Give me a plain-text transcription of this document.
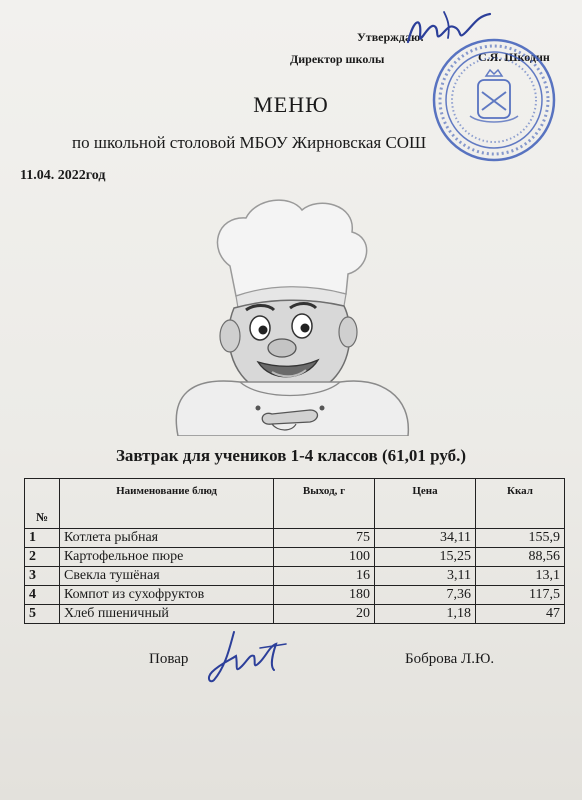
Утверждаю:
Директор школы	С.Я. Шкодин
МЕНЮ
по школьной столовой МБОУ Жирновская СОШ
11.04. 2022год
Завтрак для учеников 1-4 классов (61,01 руб.)
№	Наименование блюд	Выход, г	Цена	Ккал
1	Котлета рыбная	75	34,11	155,9
2	Картофельное пюре	100	15,25	88,56
3	Свекла тушёная	16	3,11	13,1
4	Компот из сухофруктов	180	7,36	117,5
5	Хлеб пшеничный	20	1,18	47
Повар	Боброва Л.Ю.
